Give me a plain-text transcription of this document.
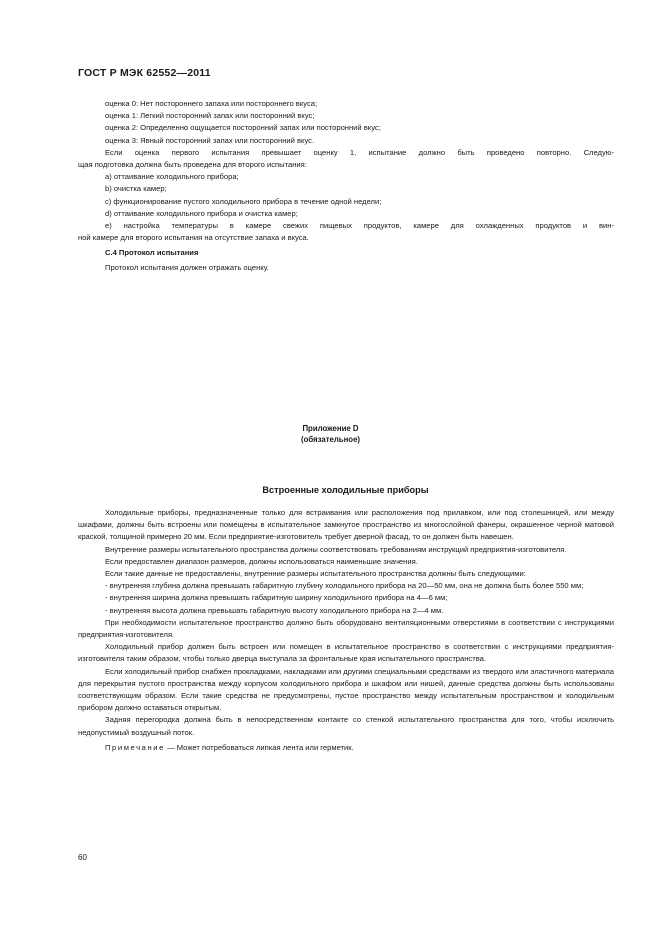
ГОСТ Р МЭК 62552—2011

оценка 0: Нет постороннего запаха или постороннего вкуса;

оценка 1: Легкий посторонний запах или посторонний вкус;

оценка 2: Определенно ощущается посторонний запах или посторонний вкус;

оценка 3: Явный посторонний запах или посторонний вкус.

Если оценка первого испытания превышает оценку 1, испытание должно быть проведено повторно. Следую-

щая подготовка должна быть проведена для второго испытания:

a) оттаивание холодильного прибора;

b) очистка камер;

c) функционирование пустого холодильного прибора в течение одной недели;

d) оттаивание холодильного прибора и очистка камер;

e) настройка температуры в камере свежих пищевых продуктов, камере для охлажденных продуктов и вин-

ной камере для второго испытания на отсутствие запаха и вкуса.

С.4 Протокол испытания

Протокол испытания должен отражать оценку.

Приложение D
(обязательное)
Встроенные холодильные приборы

Холодильные приборы, предназначенные только для встраивания или расположения под прилавком, или под столешницей, или между шкафами, должны быть встроены или помещены в испытательное замкнутое пространство из многослойной фанеры, окрашенное черной матовой краской, толщиной примерно 20 мм. Если предприятие-изготовитель требует дверной фасад, то он должен быть навешен.

Внутренние размеры испытательного пространства должны соответствовать требованиям инструкций предприятия-изготовителя.

Если предоставлен диапазон размеров, должны использоваться наименьшие значения.

Если такие данные не предоставлены, внутренние размеры испытательного пространства должны быть следующими:

- внутренняя глубина должна превышать габаритную глубину холодильного прибора на 20—50 мм, она не должна быть более 550 мм;

- внутренняя ширина должна превышать габаритную ширину холодильного прибора на 4—6 мм;

- внутренняя высота должна превышать габаритную высоту холодильного прибора на 2—4 мм.

При необходимости испытательное пространство должно быть оборудовано вентиляционными отверстиями в соответствии с инструкциями предприятия-изготовителя.

Холодильный прибор должен быть встроен или помещен в испытательное пространство в соответствии с инструкциями предприятия-изготовителя таким образом, чтобы только дверца выступала за фронтальные края испытательного пространства.

Если холодильный прибор снабжен прокладками, накладками или другими специальными средствами из твердого или эластичного материала для перекрытия пустого пространства между корпусом холодильного прибора и шкафом или нишей, данные средства должны быть использованы соответствующим образом. Если такие средства не предусмотрены, пустое пространство между испытательным пространством и холодильным прибором должно оставаться открытым.

Задняя перегородка должна быть в непосредственном контакте со стенкой испытательного пространства для того, чтобы исключить недопустимый воздушный поток.

Примечание — Может потребоваться липкая лента или герметик.

60
